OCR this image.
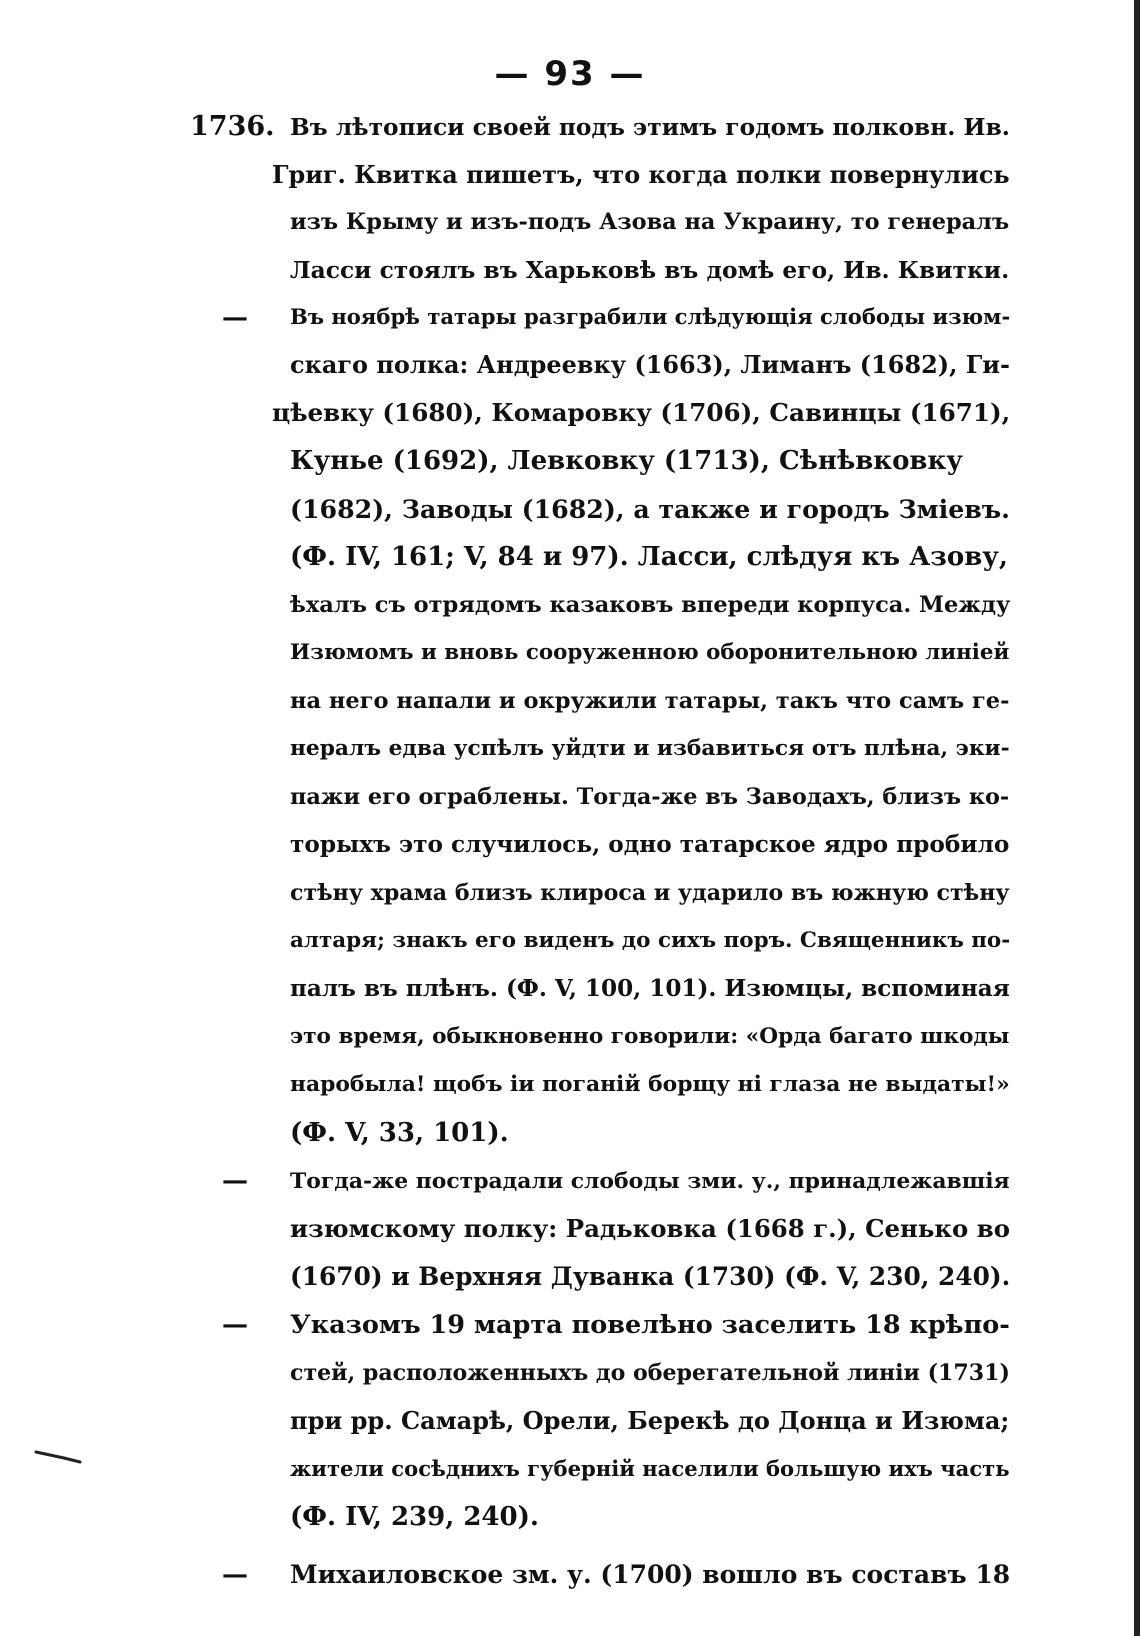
— 93 —
1736. Въ лѣтописи своей подъ этимъ годомъ полковн. Ив.
Григ. Квитка пишетъ, что когда полки повернулись
изъ Крыму и изъ-подъ Азова на Украину, то генералъ
Ласси стоялъ въ Харьковѣ въ домѣ его, Ив. Квитки.
— Въ ноябрѣ татары разграбили слѣдующія слободы изюм-
скаго полка: Андреевку (1663), Лиманъ (1682), Ги-
цѣевку (1680), Комаровку (1706), Савинцы (1671),
Кунье (1692), Левковку (1713), Сѣнѣвковку
(1682), Заводы (1682), а также и городъ Зміевъ.
(Ф. IV, 161; V, 84 и 97). Ласси, слѣдуя къ Азову,
ѣхалъ съ отрядомъ казаковъ впереди корпуса. Между
Изюмомъ и вновь сооруженною оборонительною линіей
на него напали и окружили татары, такъ что самъ ге-
нералъ едва успѣлъ уйдти и избавиться отъ плѣна, эки-
пажи его ограблены. Тогда-же въ Заводахъ, близъ ко-
торыхъ это случилось, одно татарское ядро пробило
стѣну храма близъ клироса и ударило въ южную стѣну
алтаря; знакъ его виденъ до сихъ поръ. Священникъ по-
палъ въ плѣнъ. (Ф. V, 100, 101). Изюмцы, вспоминая
это время, обыкновенно говорили: «Орда багато шкоды
наробыла! щобъ іи поганій борщу ні глаза не выдаты!»
(Ф. V, 33, 101).
— Тогда-же пострадали слободы зми. у., принадлежавшія
изюмскому полку: Радьковка (1668 г.), Сенько во
(1670) и Верхняя Дуванка (1730) (Ф. V, 230, 240).
— Указомъ 19 марта повелѣно заселить 18 крѣпо-
стей, расположенныхъ до оберегательной линіи (1731)
при рр. Самарѣ, Орели, Берекѣ до Донца и Изюма;
жители сосѣднихъ губерній населили большую ихъ часть
(Ф. IV, 239, 240).
— Михаиловское зм. у. (1700) вошло въ составъ 18
